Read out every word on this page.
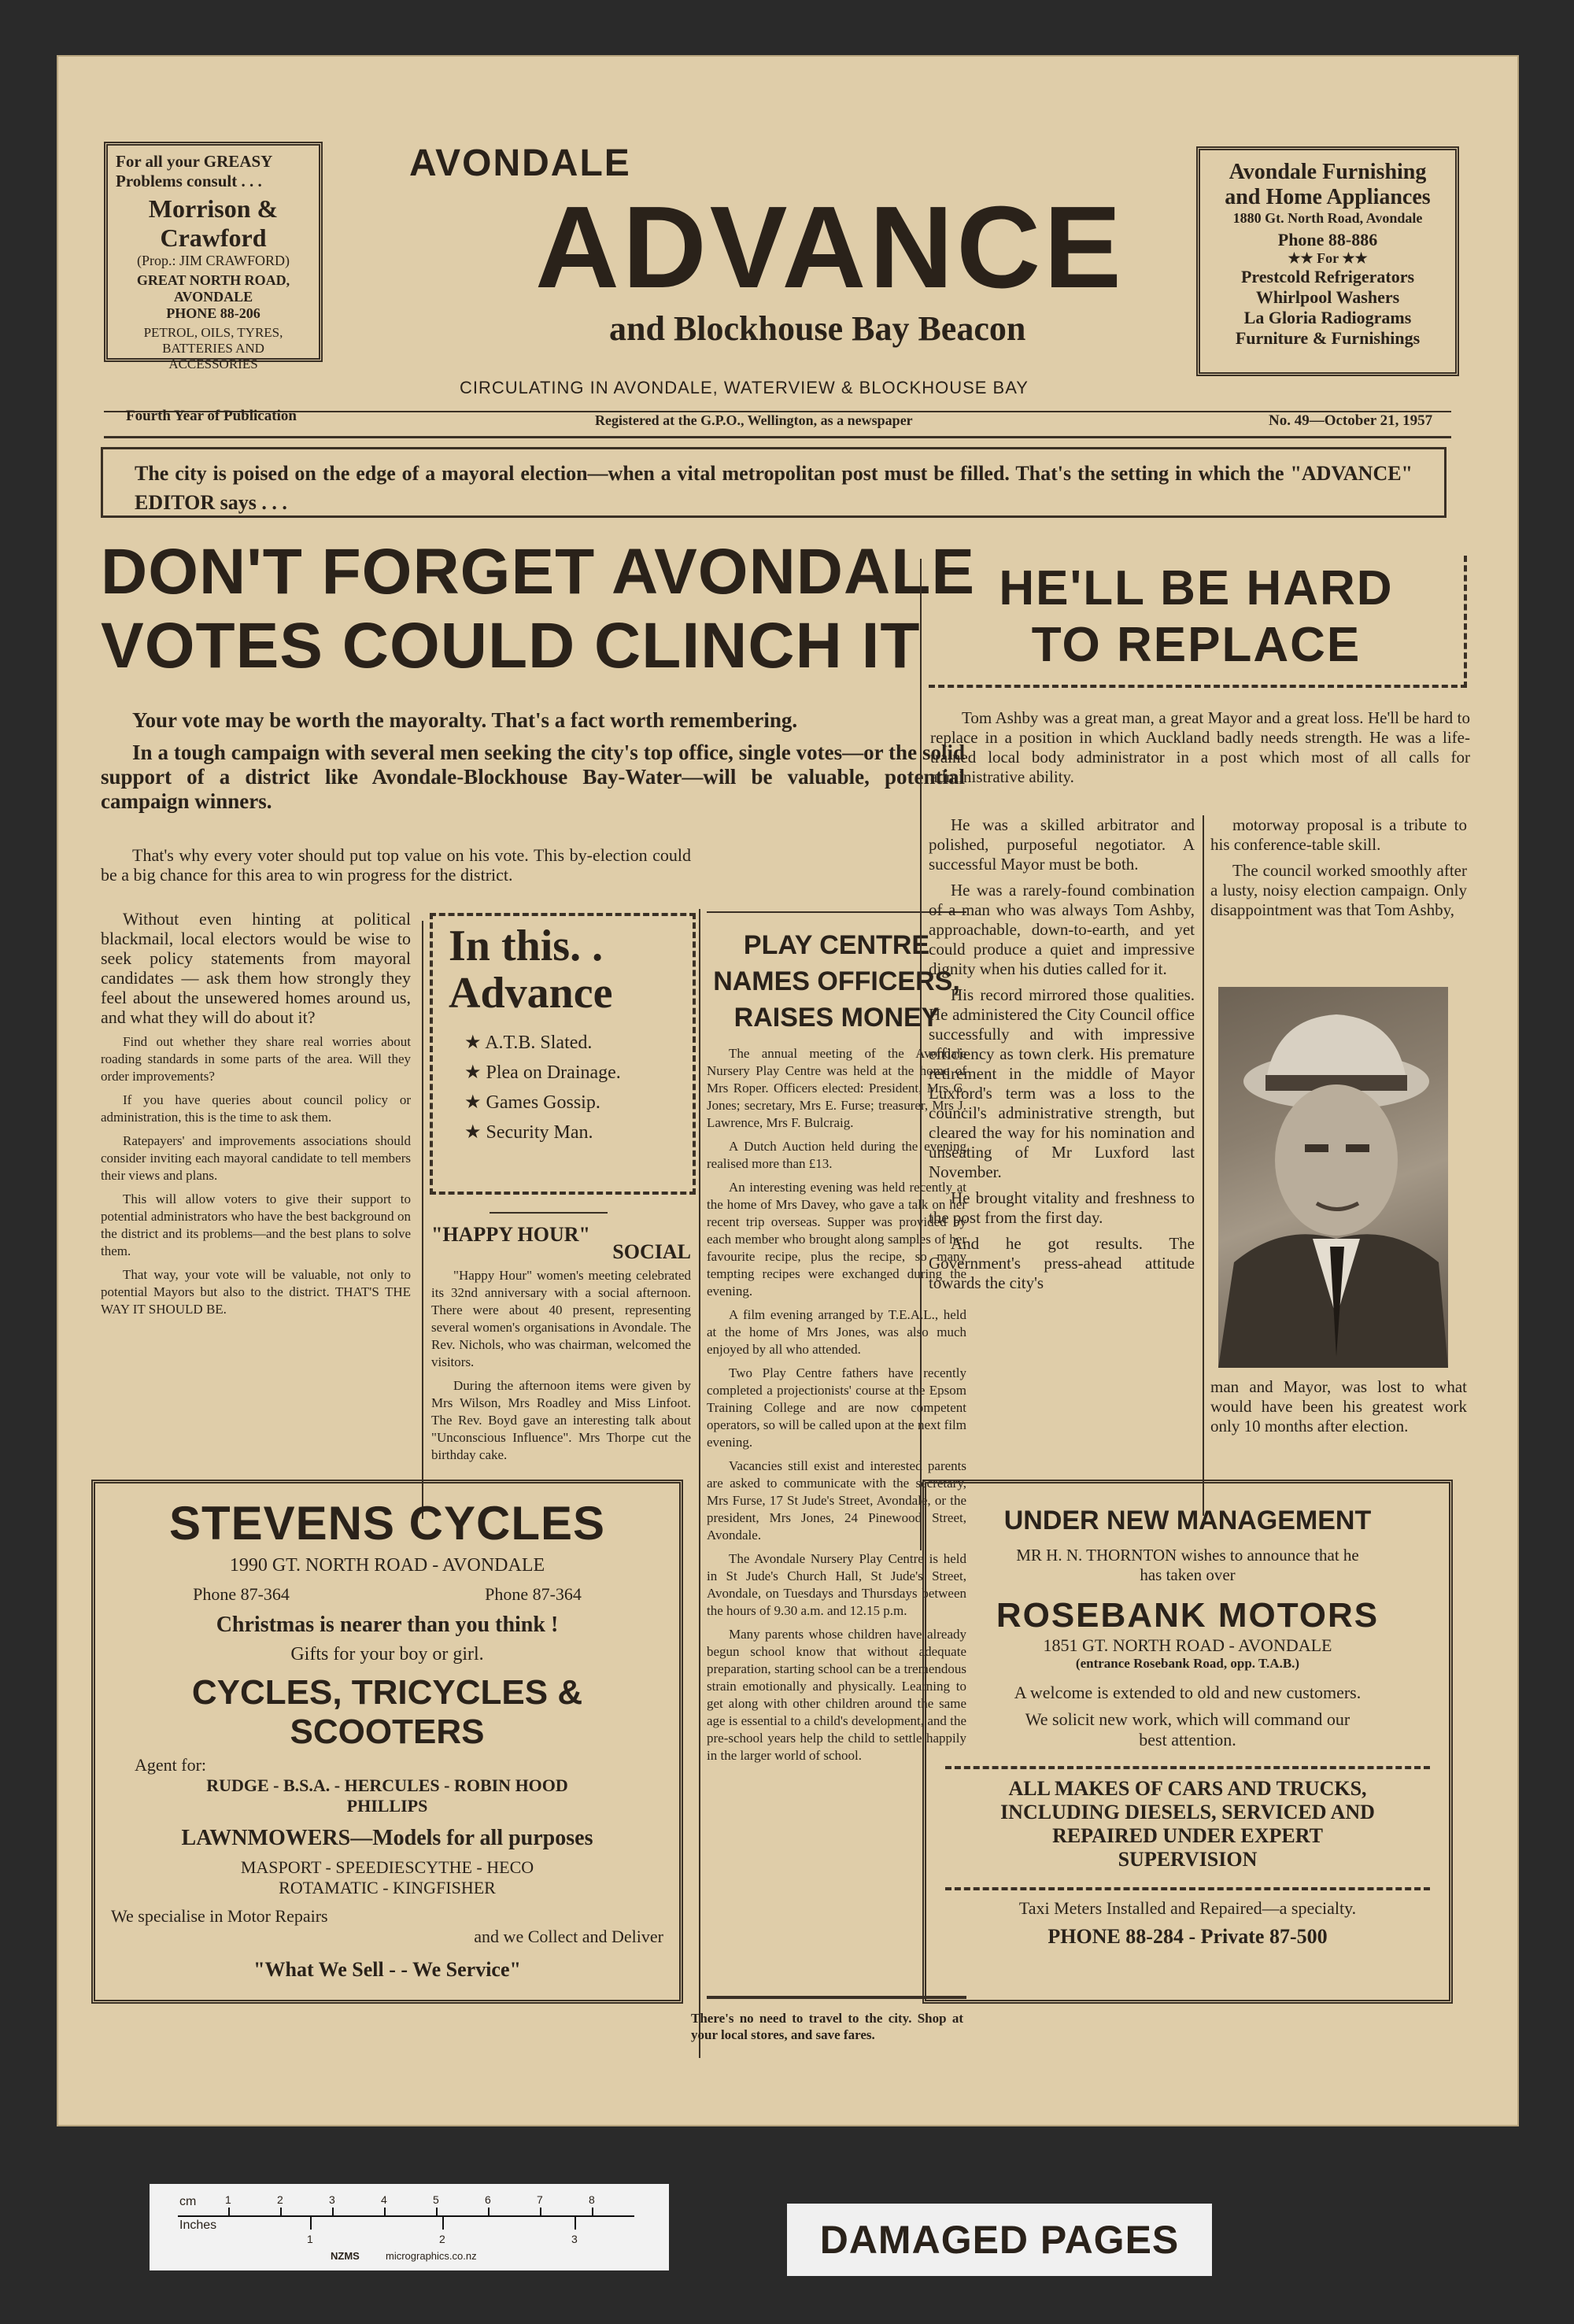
For all your GREASY
Problems consult . . .
Morrison & Crawford
(Prop.: JIM CRAWFORD)
GREAT NORTH ROAD,
AVONDALE
PHONE 88-206
PETROL, OILS, TYRES,
BATTERIES AND
ACCESSORIES
AVONDALE
ADVANCE
and Blockhouse Bay Beacon
CIRCULATING IN AVONDALE, WATERVIEW & BLOCKHOUSE BAY
Avondale Furnishing
and Home Appliances
1880 Gt. North Road, Avondale
Phone 88-886
★★ For ★★
Prestcold Refrigerators
Whirlpool Washers
La Gloria Radiograms
Furniture & Furnishings
Fourth Year of Publication	Registered at the G.P.O., Wellington, as a newspaper	No. 49—October 21, 1957
The city is poised on the edge of a mayoral election—when a vital metropolitan post must be filled. That's the setting in which the "ADVANCE" EDITOR says . . .
DON'T FORGET AVONDALE
VOTES COULD CLINCH IT

Your vote may be worth the mayoralty. That's a fact worth remembering.

In a tough campaign with several men seeking the city's top office, single votes—or the solid support of a district like Avondale-Blockhouse Bay-Water—will be valuable, potential campaign winners.

That's why every voter should put top value on his vote. This by-election could be a big chance for this area to win progress for the district.

Without even hinting at political blackmail, local electors would be wise to seek policy statements from mayoral candidates — ask them how strongly they feel about the unsewered homes around us, and what they will do about it?

Find out whether they share real worries about roading standards in some parts of the area. Will they order improvements?

If you have queries about council policy or administration, this is the time to ask them.

Ratepayers' and improvements associations should consider inviting each mayoral candidate to tell members their views and plans.

This will allow voters to give their support to potential administrators who have the best background on the district and its problems—and the best plans to solve them.

That way, your vote will be valuable, not only to potential Mayors but also to the district. THAT'S THE WAY IT SHOULD BE.

In this. .
Advance
★ A.T.B. Slated.
★ Plea on Drainage.
★ Games Gossip.
★ Security Man.
"HAPPY HOUR"
SOCIAL

"Happy Hour" women's meeting celebrated its 32nd anniversary with a social afternoon. There were about 40 present, representing several women's organisations in Avondale. The Rev. Nichols, who was chairman, welcomed the visitors.

During the afternoon items were given by Mrs Wilson, Mrs Roadley and Miss Linfoot. The Rev. Boyd gave an interesting talk about "Unconscious Influence". Mrs Thorpe cut the birthday cake.

PLAY CENTRE
NAMES OFFICERS,
RAISES MONEY

The annual meeting of the Avondale Nursery Play Centre was held at the home of Mrs Roper. Officers elected: President, Mrs G. Jones; secretary, Mrs E. Furse; treasurer, Mrs J. Lawrence, Mrs F. Bulcraig.

A Dutch Auction held during the evening realised more than £13.

An interesting evening was held recently at the home of Mrs Davey, who gave a talk on her recent trip overseas. Supper was provided by each member who brought along samples of her favourite recipe, plus the recipe, so many tempting recipes were exchanged during the evening.

A film evening arranged by T.E.A.L., held at the home of Mrs Jones, was also much enjoyed by all who attended.

Two Play Centre fathers have recently completed a projectionists' course at the Epsom Training College and are now competent operators, so will be called upon at the next film evening.

Vacancies still exist and interested parents are asked to communicate with the secretary, Mrs Furse, 17 St Jude's Street, Avondale, or the president, Mrs Jones, 24 Pinewood Street, Avondale.

The Avondale Nursery Play Centre is held in St Jude's Church Hall, St Jude's Street, Avondale, on Tuesdays and Thursdays between the hours of 9.30 a.m. and 12.15 p.m.

Many parents whose children have already begun school know that without adequate preparation, starting school can be a tremendous strain emotionally and physically. Learning to get along with other children around the same age is essential to a child's development, and the pre-school years help the child to settle happily in the larger world of school.

There's no need to travel to the city. Shop at your local stores, and save fares.
HE'LL BE HARD
TO REPLACE
Tom Ashby was a great man, a great Mayor and a great loss. He'll be hard to replace in a position in which Auckland badly needs strength. He was a life-trained local body administrator in a post which most of all calls for administrative ability.

He was a skilled arbitrator and polished, purposeful negotiator. A successful Mayor must be both.

He was a rarely-found combination of a man who was always Tom Ashby, approachable, down-to-earth, and yet could produce a quiet and impressive dignity when his duties called for it.

His record mirrored those qualities. He administered the City Council office successfully and with impressive efficiency as town clerk. His premature retirement in the middle of Mayor Luxford's term was a loss to the council's administrative strength, but cleared the way for his nomination and unseating of Mr Luxford last November.

He brought vitality and freshness to the post from the first day.

And he got results. The Government's press-ahead attitude towards the city's

motorway proposal is a tribute to his conference-table skill.

The council worked smoothly after a lusty, noisy election campaign. Only disappointment was that Tom Ashby,

man and Mayor, was lost to what would have been his greatest work only 10 months after election.

STEVENS CYCLES
1990 GT. NORTH ROAD - AVONDALE
Phone 87-364	Phone 87-364
Christmas is nearer than you think !
Gifts for your boy or girl.
CYCLES, TRICYCLES & SCOOTERS
Agent for:
RUDGE - B.S.A. - HERCULES - ROBIN HOOD
PHILLIPS
LAWNMOWERS—Models for all purposes
MASPORT - SPEEDIESCYTHE - HECO
ROTAMATIC - KINGFISHER
We specialise in Motor Repairs
and we Collect and Deliver
"What We Sell - - We Service"
UNDER NEW MANAGEMENT
MR H. N. THORNTON wishes to announce that he
has taken over
ROSEBANK MOTORS
1851 GT. NORTH ROAD - AVONDALE
(entrance Rosebank Road, opp. T.A.B.)
A welcome is extended to old and new customers.
We solicit new work, which will command our
best attention.
ALL MAKES OF CARS AND TRUCKS,
INCLUDING DIESELS, SERVICED AND
REPAIRED UNDER EXPERT
SUPERVISION
Taxi Meters Installed and Repaired—a specialty.
PHONE 88-284 - Private 87-500
cm
Inches
1	2	3	4	5	6	7	8
1	2	3
NZMS	micrographics.co.nz	DAMAGED PAGES
